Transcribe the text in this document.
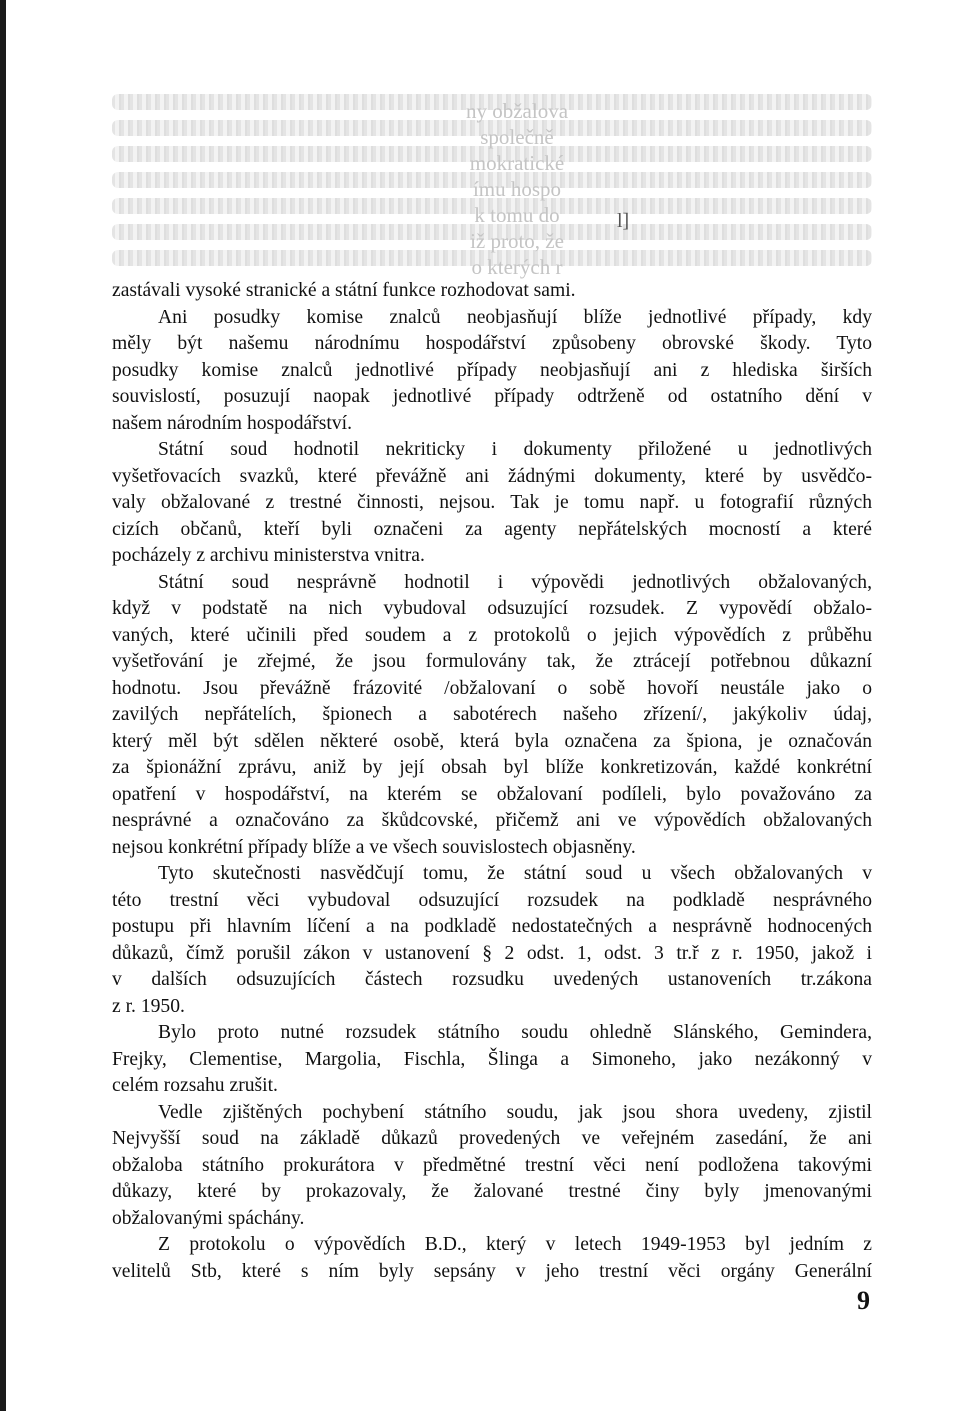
ny obžalova
společně
mokratické
ímu hospo
k tomu do
iž proto, že
o kterých r
l]
zastávali vysoké stranické a státní funkce rozhodovat sami.
Ani posudky komise znalců neobjasňují blíže jednotlivé případy, kdy
měly být našemu národnímu hospodářství způsobeny obrovské škody. Tyto
posudky komise znalců jednotlivé případy neobjasňují ani z hlediska širších
souvislostí, posuzují naopak jednotlivé případy odtrženě od ostatního dění v
našem národním hospodářství.
Státní soud hodnotil nekriticky i dokumenty přiložené u jednotlivých
vyšetřovacích svazků, které převážně ani žádnými dokumenty, které by usvědčo-
valy obžalované z trestné činnosti, nejsou. Tak je tomu např. u fotografií různých
cizích občanů, kteří byli označeni za agenty nepřátelských mocností a které
pocházely z archivu ministerstva vnitra.
Státní soud nesprávně hodnotil i výpovědi jednotlivých obžalovaných,
když v podstatě na nich vybudoval odsuzující rozsudek. Z vypovědí obžalo-
vaných, které učinili před soudem a z protokolů o jejich výpovědích z průběhu
vyšetřování je zřejmé, že jsou formulovány tak, že ztrácejí potřebnou důkazní
hodnotu. Jsou převážně frázovité /obžalovaní o sobě hovoří neustále jako o
zavilých nepřátelích, špionech a sabotérech našeho zřízení/, jakýkoliv údaj,
který měl být sdělen některé osobě, která byla označena za špiona, je označován
za špionážní zprávu, aniž by její obsah byl blíže konkretizován, každé konkrétní
opatření v hospodářství, na kterém se obžalovaní podíleli, bylo považováno za
nesprávné a označováno za škůdcovské, přičemž ani ve výpovědích obžalovaných
nejsou konkrétní případy blíže a ve všech souvislostech objasněny.
Tyto skutečnosti nasvědčují tomu, že státní soud u všech obžalovaných v
této trestní věci vybudoval odsuzující rozsudek na podkladě nesprávného
postupu při hlavním líčení a na podkladě nedostatečných a nesprávně hodnocených
důkazů, čímž porušil zákon v ustanovení § 2 odst. 1, odst. 3 tr.ř z r. 1950, jakož i
v dalších odsuzujících částech rozsudku uvedených ustanoveních tr.zákona
z r. 1950.
Bylo proto nutné rozsudek státního soudu ohledně Slánského, Gemindera,
Frejky, Clementise, Margolia, Fischla, Šlinga a Simoneho, jako nezákonný v
celém rozsahu zrušit.
Vedle zjištěných pochybení státního soudu, jak jsou shora uvedeny, zjistil
Nejvyšší soud na základě důkazů provedených ve veřejném zasedání, že ani
obžaloba státního prokurátora v předmětné trestní věci není podložena takovými
důkazy, které by prokazovaly, že žalované trestné činy byly jmenovanými
obžalovanými spáchány.
Z protokolu o výpovědích B.D., který v letech 1949-1953 byl jedním z
velitelů Stb, které s ním byly sepsány v jeho trestní věci orgány Generální
9
